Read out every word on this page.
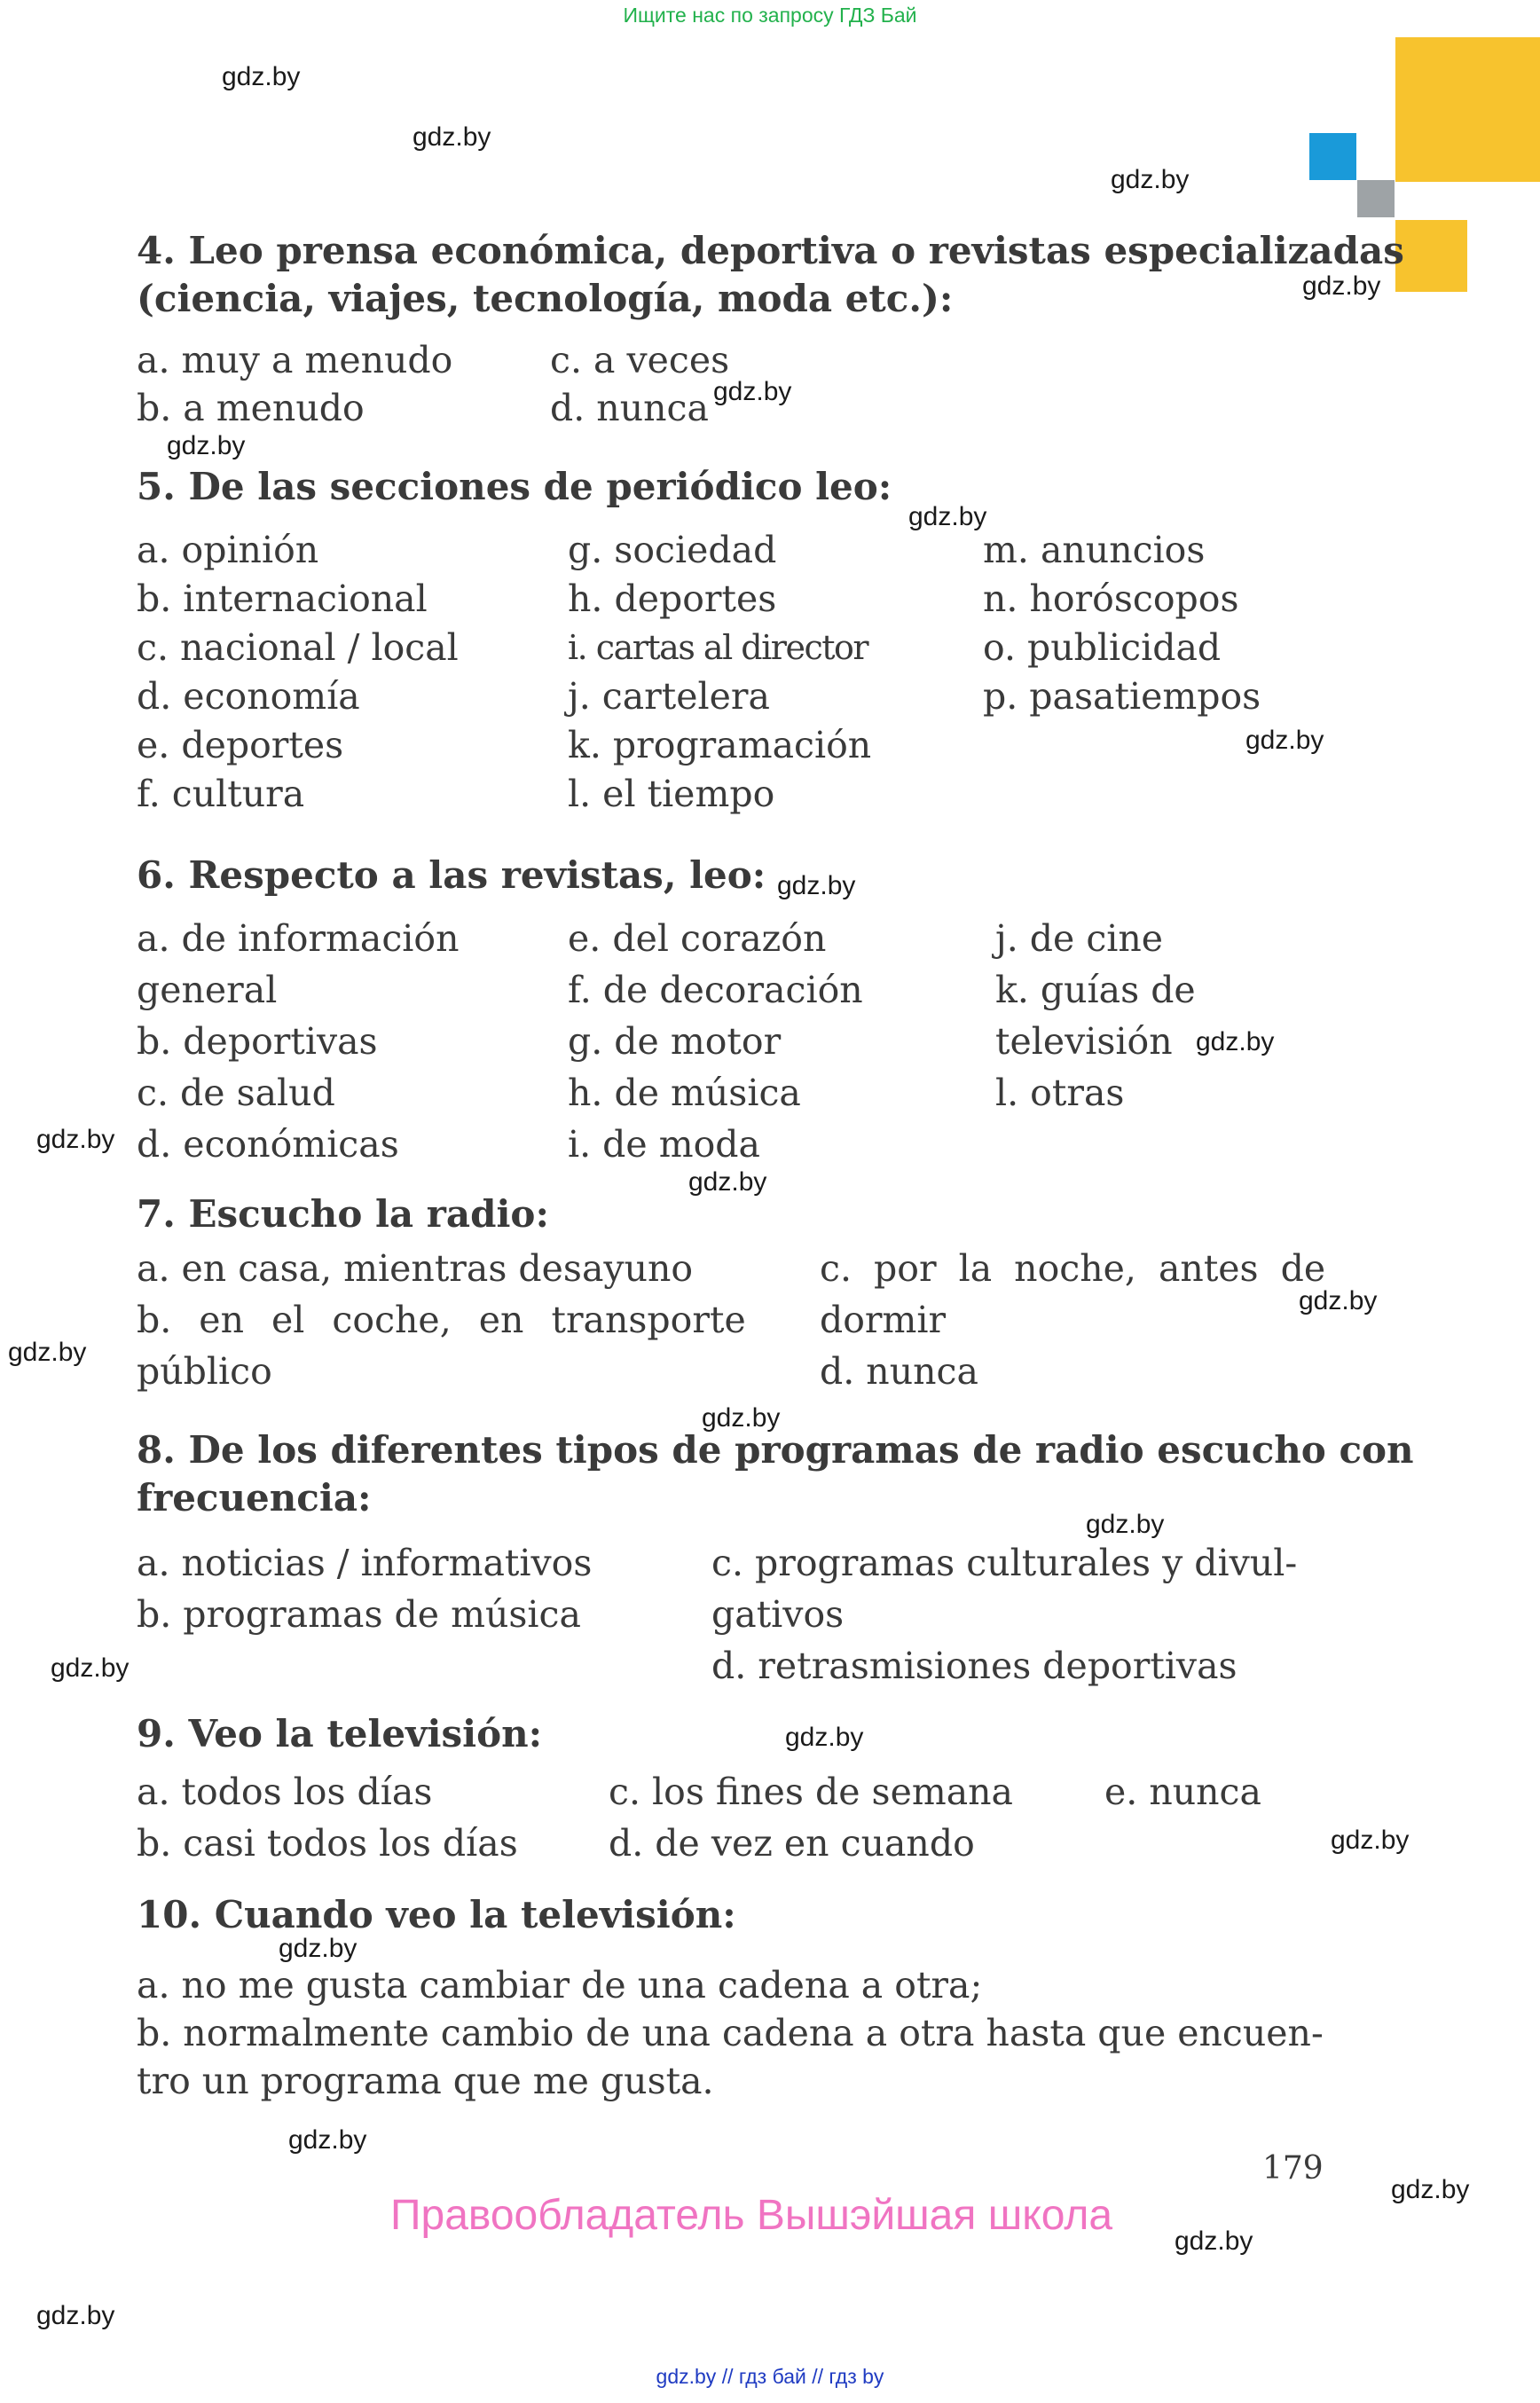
Ищите нас по запросу ГДЗ Бай
gdz.by // гдз бай // гдз by
4. Leo prensa económica, deportiva o revistas especializadas
(ciencia, viajes, tecnología, moda etc.):
a. muy a menudo	c. a veces
b. a menudo	d. nunca
5. De las secciones de periódico leo:
a. opinión
b. internacional
c. nacional / local
d. economía
e. deportes
f. cultura
g. sociedad
h. deportes
i. cartas al director
j. cartelera
k. programación
l. el tiempo
m. anuncios
n. horóscopos
o. publicidad
p. pasatiempos
6. Respecto a las revistas, leo:
a. de información
general
b. deportivas
c. de salud
d. económicas
e. del corazón
f. de decoración
g. de motor
h. de música
i. de moda
j. de cine
k. guías de
televisión
l. otras
7. Escucho la radio:
a. en casa, mientras desayuno
b. en el coche, en transporte
público
c. por la noche, antes de
dormir
d. nunca
8. De los diferentes tipos de programas de radio escucho con
frecuencia:
a. noticias / informativos
b. programas de música
c. programas culturales y divul-
gativos
d. retrasmisiones deportivas
9. Veo la televisión:
a. todos los días
b. casi todos los días
c. los fines de semana
d. de vez en cuando
e. nunca
10. Cuando veo la televisión:
a. no me gusta cambiar de una cadena a otra;
b. normalmente cambio de una cadena a otra hasta que encuen-
tro un programa que me gusta.
179
Правообладатель Вышэйшая школа
gdz.by
gdz.by
gdz.by
gdz.by
gdz.by
gdz.by
gdz.by
gdz.by
gdz.by
gdz.by
gdz.by
gdz.by
gdz.by
gdz.by
gdz.by
gdz.by
gdz.by
gdz.by
gdz.by
gdz.by
gdz.by
gdz.by
gdz.by
gdz.by
